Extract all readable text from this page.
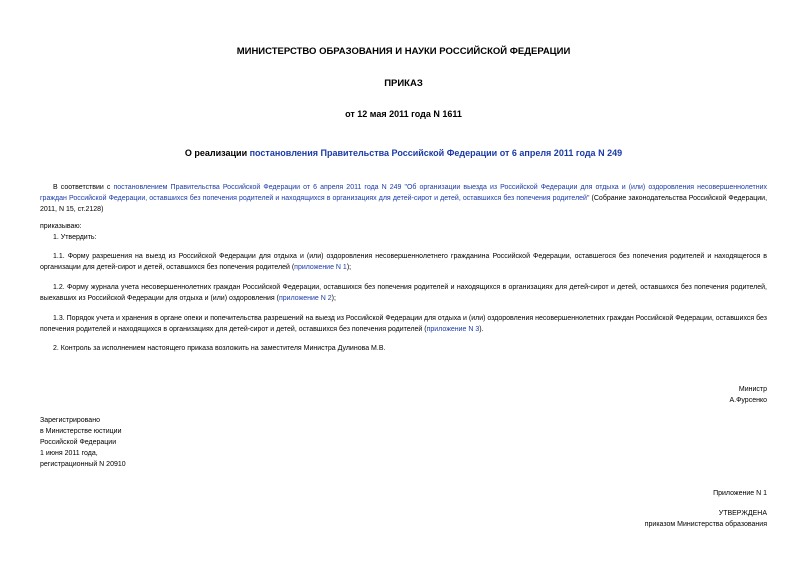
МИНИСТЕРСТВО ОБРАЗОВАНИЯ И НАУКИ РОССИЙСКОЙ ФЕДЕРАЦИИ
ПРИКАЗ
от 12 мая 2011 года N 1611
О реализации постановления Правительства Российской Федерации от 6 апреля 2011 года N 249
В соответствии с постановлением Правительства Российской Федерации от 6 апреля 2011 года N 249 "Об организации выезда из Российской Федерации для отдыха и (или) оздоровления несовершеннолетних граждан Российской Федерации, оставшихся без попечения родителей и находящихся в организациях для детей-сирот и детей, оставшихся без попечения родителей" (Собрание законодательства Российской Федерации, 2011, N 15, ст.2128)
приказываю:
1. Утвердить:
1.1. Форму разрешения на выезд из Российской Федерации для отдыха и (или) оздоровления несовершеннолетнего гражданина Российской Федерации, оставшегося без попечения родителей и находящегося в организации для детей-сирот и детей, оставшихся без попечения родителей (приложение N 1);
1.2. Форму журнала учета несовершеннолетних граждан Российской Федерации, оставшихся без попечения родителей и находящихся в организациях для детей-сирот и детей, оставшихся без попечения родителей, выехавших из Российской Федерации для отдыха и (или) оздоровления (приложение N 2);
1.3. Порядок учета и хранения в органе опеки и попечительства разрешений на выезд из Российской Федерации для отдыха и (или) оздоровления несовершеннолетних граждан Российской Федерации, оставшихся без попечения родителей и находящихся в организациях для детей-сирот и детей, оставшихся без попечения родителей (приложение N 3).
2. Контроль за исполнением настоящего приказа возложить на заместителя Министра Дулинова М.В.
Министр
А.Фурсенко
Зарегистрировано
в Министерстве юстиции
Российской Федерации
1 июня 2011 года,
регистрационный N 20910
Приложение N 1
УТВЕРЖДЕНА
приказом Министерства образования
